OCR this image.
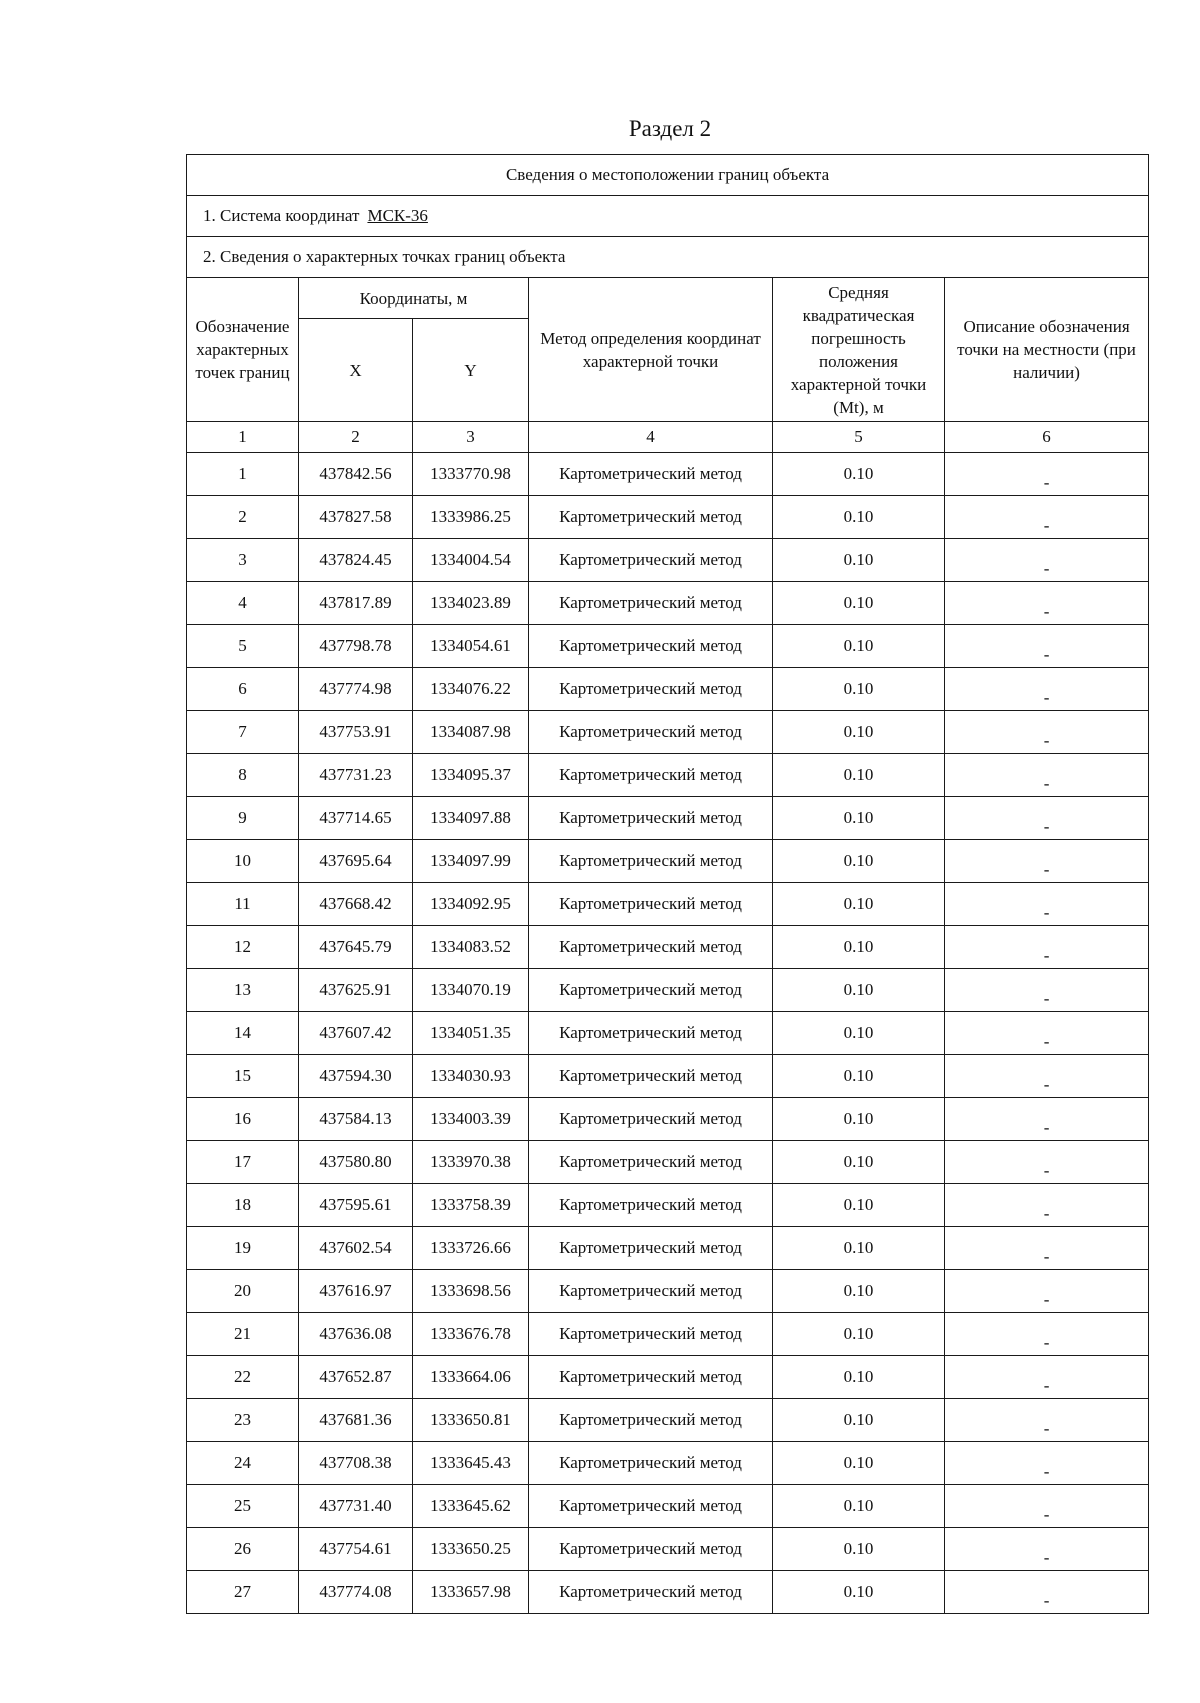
Раздел 2
Сведения о местоположении границ объекта					
1. Система координат МСК-36					
2. Сведения о характерных точках границ объекта					
Обозначение характерных точек границ	Координаты, м		Метод определения координат характерной точки	Средняя квадратическая погрешность положения характерной точки (Mt), м	Описание обозначения точки на местности (при наличии)
	X	Y			
1	2	3	4	5	6
1	437842.56	1333770.98	Картометрический метод	0.10	-
2	437827.58	1333986.25	Картометрический метод	0.10	-
3	437824.45	1334004.54	Картометрический метод	0.10	-
4	437817.89	1334023.89	Картометрический метод	0.10	-
5	437798.78	1334054.61	Картометрический метод	0.10	-
6	437774.98	1334076.22	Картометрический метод	0.10	-
7	437753.91	1334087.98	Картометрический метод	0.10	-
8	437731.23	1334095.37	Картометрический метод	0.10	-
9	437714.65	1334097.88	Картометрический метод	0.10	-
10	437695.64	1334097.99	Картометрический метод	0.10	-
11	437668.42	1334092.95	Картометрический метод	0.10	-
12	437645.79	1334083.52	Картометрический метод	0.10	-
13	437625.91	1334070.19	Картометрический метод	0.10	-
14	437607.42	1334051.35	Картометрический метод	0.10	-
15	437594.30	1334030.93	Картометрический метод	0.10	-
16	437584.13	1334003.39	Картометрический метод	0.10	-
17	437580.80	1333970.38	Картометрический метод	0.10	-
18	437595.61	1333758.39	Картометрический метод	0.10	-
19	437602.54	1333726.66	Картометрический метод	0.10	-
20	437616.97	1333698.56	Картометрический метод	0.10	-
21	437636.08	1333676.78	Картометрический метод	0.10	-
22	437652.87	1333664.06	Картометрический метод	0.10	-
23	437681.36	1333650.81	Картометрический метод	0.10	-
24	437708.38	1333645.43	Картометрический метод	0.10	-
25	437731.40	1333645.62	Картометрический метод	0.10	-
26	437754.61	1333650.25	Картометрический метод	0.10	-
27	437774.08	1333657.98	Картометрический метод	0.10	-
